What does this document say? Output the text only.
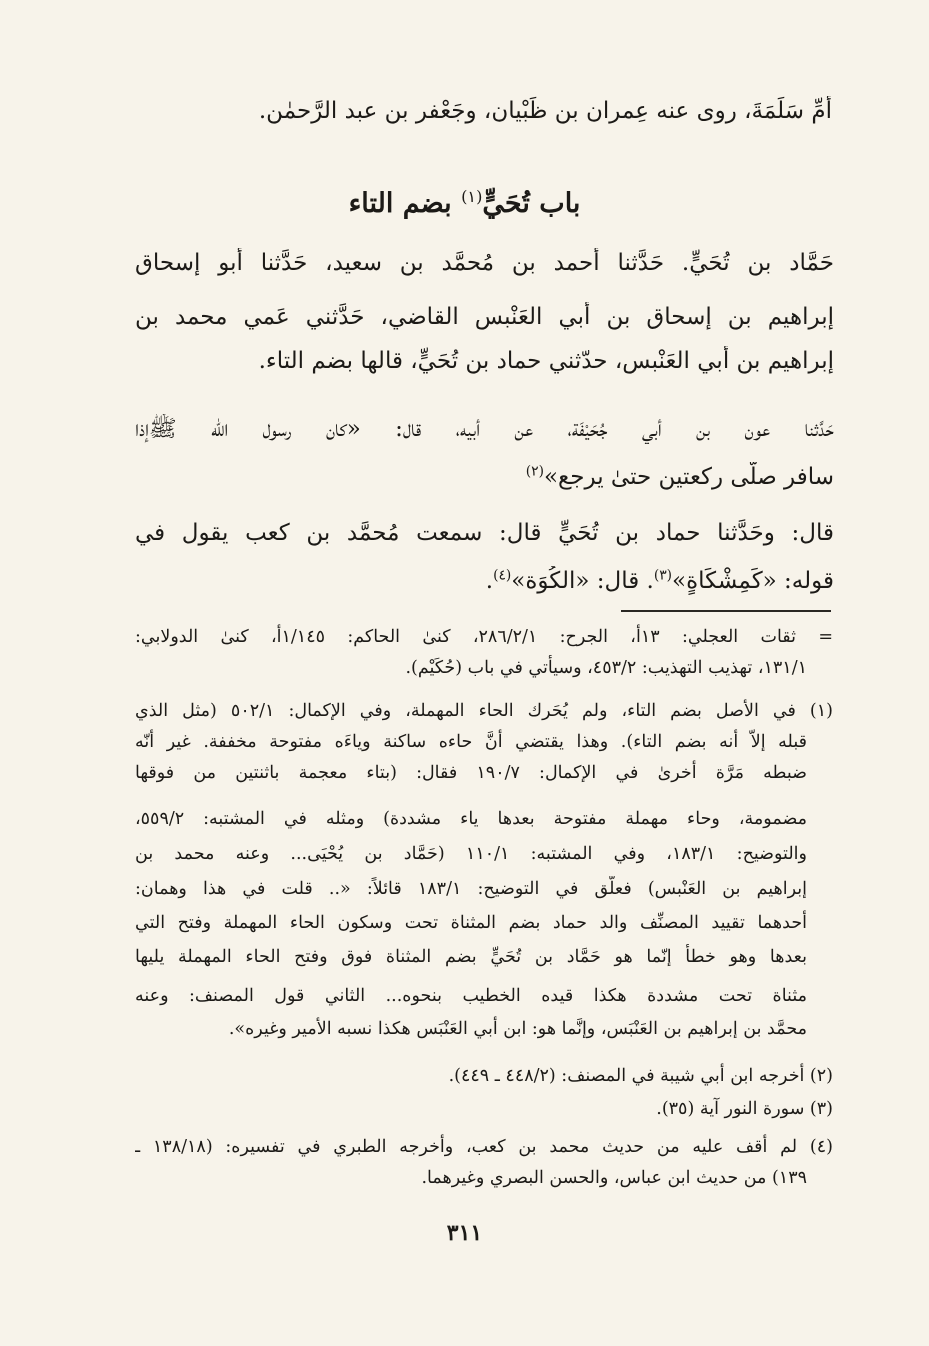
أُمِّ سَلَمَةَ، روى عنه عِمران بن ظَبْيان، وجَعْفر بن عبد الرَّحمٰن.
باب تُحَيٍّ$^{(١)}$ بضم التاء
حَمَّاد بن تُحَيٍّ. حَدَّثنا أحمد بن مُحمَّد بن سعيد، حَدَّثنا أبو إسحاق
إبراهيم بن إسحاق بن أبي العَنْبس القاضي، حَدَّثني عَمي محمد بن
إبراهيم بن أبي العَنْبس، حدّثني حماد بن تُحَيٍّ، قالها بضم التاء.
حَدَّثنا عون بن أبي جُحَيْفَة، عن أبيه، قال: «كان رسول الله ﷺإذا
سافر صلّى ركعتين حتىٰ يرجع»$^{(٢)}$
قال: وحَدَّثنا حماد بن تُحَيٍّ قال: سمعت مُحمَّد بن كعب يقول في
قوله: «كَمِشْكَاةٍ»$^{(٣)}$. قال: «الكُوَة»$^{(٤)}$.
= ثقات العجلي: ١٣أ، الجرح: ٢٨٦/٢/١، كنىٰ الحاكم: ١/١٤٥أ، كنىٰ الدولابي:
١٣١/١، تهذيب التهذيب: ٤٥٣/٢، وسيأتي في باب (حُكَيْم).
(١) في الأصل بضم التاء، ولم يُحَرك الحاء المهملة، وفي الإكمال: ٥٠٢/١ (مثل الذي
قبله إلاّ أنه بضم التاء). وهذا يقتضي أنَّ حاءه ساكنة وياءَه مفتوحة مخففة. غير أنّه
ضبطه مَرَّة أخرىٰ في الإكمال: ١٩٠/٧ فقال: (بتاء معجمة باثنتين من فوقها
مضمومة، وحاء مهملة مفتوحة بعدها ياء مشددة) ومثله في المشتبه: ٥٥٩/٢،
والتوضيح: ١٨٣/١، وفي المشتبه: ١١٠/١ (حَمَّاد بن يُحْيَى... وعنه محمد بن
إبراهيم بن العَنْبس) فعلّق في التوضيح: ١٨٣/١ قائلاً: «.. قلت في هذا وهمان:
أحدهما تقييد المصنِّف والد حماد بضم المثناة تحت وسكون الحاء المهملة وفتح التي
بعدها وهو خطأ إنّما هو حَمَّاد بن تُحَيٍّ بضم المثناة فوق وفتح الحاء المهملة يليها
مثناة تحت مشددة هكذا قيده الخطيب بنحوه... الثاني قول المصنف: وعنه
محمَّد بن إبراهيم بن العَنْبَس، وإنَّما هو: ابن أبي العَنْبَس هكذا نسبه الأمير وغيره».
(٢) أخرجه ابن أبي شيبة في المصنف: (٤٤٨/٢ ـ ٤٤٩).
(٣) سورة النور آية (٣٥).
(٤) لم أقف عليه من حديث محمد بن كعب، وأخرجه الطبري في تفسيره: (١٣٨/١٨ ـ
١٣٩) من حديث ابن عباس، والحسن البصري وغيرهما.
٣١١
